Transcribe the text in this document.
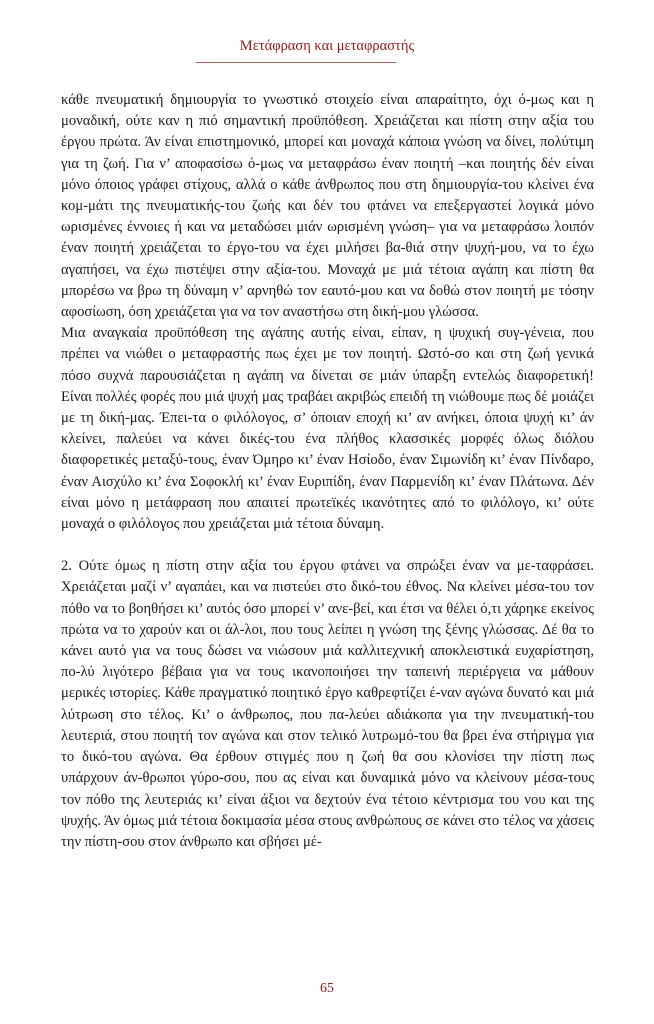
Μετάφραση και μεταφραστής

κάθε πνευματική δημιουργία το γνωστικό στοιχείο είναι απαραίτητο, όχι ό-μως και η μοναδική, ούτε καν η πιό σημαντική προϋπόθεση. Χρειάζεται και πίστη στην αξία του έργου πρώτα. Άν είναι επιστημονικό, μπορεί και μοναχά κάποια γνώση να δίνει, πολύτιμη για τη ζωή. Για ν’ αποφασίσω ό-μως να μεταφράσω έναν ποιητή –και ποιητής δέν είναι μόνο όποιος γράφει στίχους, αλλά ο κάθε άνθρωπος που στη δημιουργία-του κλείνει ένα κομ-μάτι της πνευματικής-του ζωής και δέν του φτάνει να επεξεργαστεί λογικά μόνο ωρισμένες έννοιες ή και να μεταδώσει μιάν ωρισμένη γνώση– για να μεταφράσω λοιπόν έναν ποιητή χρειάζεται το έργο-του να έχει μιλήσει βα-θιά στην ψυχή-μου, να το έχω αγαπήσει, να έχω πιστέψει στην αξία-του. Μοναχά με μιά τέτοια αγάπη και πίστη θα μπορέσω να βρω τη δύναμη ν’ αρνηθώ τον εαυτό-μου και να δοθώ στον ποιητή με τόσην αφοσίωση, όση χρειάζεται για να τον αναστήσω στη δική-μου γλώσσα.

Μια αναγκαία προϋπόθεση της αγάπης αυτής είναι, είπαν, η ψυχική συγ-γένεια, που πρέπει να νιώθει ο μεταφραστής πως έχει με τον ποιητή. Ωστό-σο και στη ζωή γενικά πόσο συχνά παρουσιάζεται η αγάπη να δίνεται σε μιάν ύπαρξη εντελώς διαφορετική! Είναι πολλές φορές που μιά ψυχή μας τραβάει ακριβώς επειδή τη νιώθουμε πως δέ μοιάζει με τη δική-μας. Έπει-τα ο φιλόλογος, σ’ όποιαν εποχή κι’ αν ανήκει, όποια ψυχή κι’ άν κλείνει, παλεύει να κάνει δικές-του ένα πλήθος κλασσικές μορφές όλως διόλου διαφορετικές μεταξύ-τους, έναν Όμηρο κι’ έναν Ησίοδο, έναν Σιμωνίδη κι’ έναν Πίνδαρο, έναν Αισχύλο κι’ ένα Σοφοκλή κι’ έναν Ευριπίδη, έναν Παρμενίδη κι’ έναν Πλάτωνα. Δέν είναι μόνο η μετάφραση που απαιτεί πρωτεϊκές ικανότητες από το φιλόλογο, κι’ ούτε μοναχά ο φιλόλογος που χρειάζεται μιά τέτοια δύναμη.

2. Ούτε όμως η πίστη στην αξία του έργου φτάνει να σπρώξει έναν να με-ταφράσει. Χρειάζεται μαζί ν’ αγαπάει, και να πιστεύει στο δικό-του έθνος. Να κλείνει μέσα-του τον πόθο να το βοηθήσει κι’ αυτός όσο μπορεί ν’ ανε-βεί, και έτσι να θέλει ό,τι χάρηκε εκείνος πρώτα να το χαρούν και οι άλ-λοι, που τους λείπει η γνώση της ξένης γλώσσας. Δέ θα το κάνει αυτό για να τους δώσει να νιώσουν μιά καλλιτεχνική αποκλειστικά ευχαρίστηση, πο-λύ λιγότερο βέβαια για να τους ικανοποιήσει την ταπεινή περιέργεια να μάθουν μερικές ιστορίες. Κάθε πραγματικό ποιητικό έργο καθρεφτίζει έ-ναν αγώνα δυνατό και μιά λύτρωση στο τέλος. Κι’ ο άνθρωπος, που πα-λεύει αδιάκοπα για την πνευματική-του λευτεριά, στου ποιητή τον αγώνα και στον τελικό λυτρωμό-του θα βρει ένα στήριγμα για το δικό-του αγώνα. Θα έρθουν στιγμές που η ζωή θα σου κλονίσει την πίστη πως υπάρχουν άν-θρωποι γύρο-σου, που ας είναι και δυναμικά μόνο να κλείνουν μέσα-τους τον πόθο της λευτεριάς κι’ είναι άξιοι να δεχτούν ένα τέτοιο κέντρισμα του νου και της ψυχής. Άν όμως μιά τέτοια δοκιμασία μέσα στους ανθρώπους σε κάνει στο τέλος να χάσεις την πίστη-σου στον άνθρωπο και σβήσει μέ-

65
